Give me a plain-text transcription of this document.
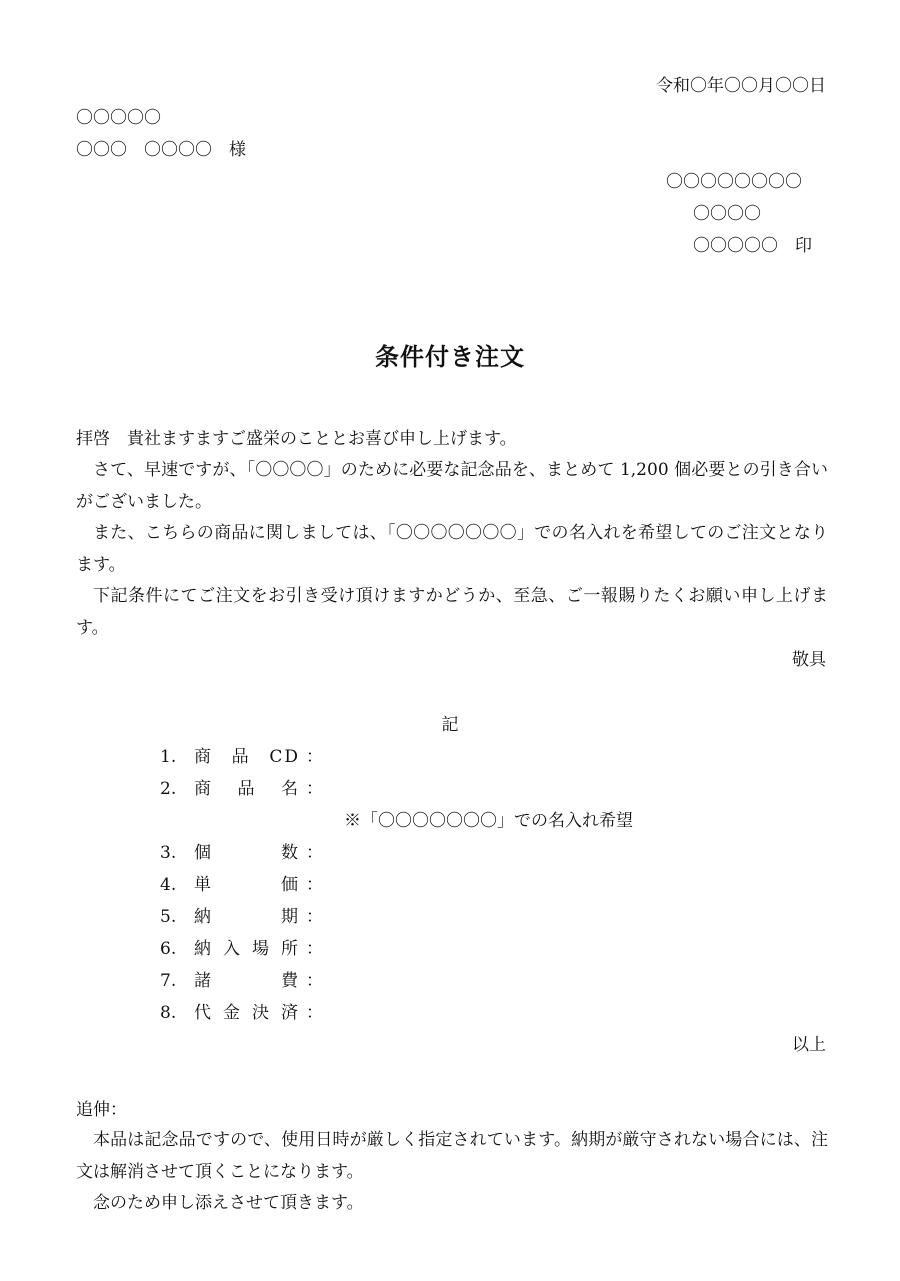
令和〇年〇〇月〇〇日
〇〇〇〇〇
〇〇〇　〇〇〇〇　様
〇〇〇〇〇〇〇〇
〇〇〇〇
〇〇〇〇〇　印
条件付き注文
拝啓　貴社ますますご盛栄のこととお喜び申し上げます。
さて、早速ですが、「〇〇〇〇」のために必要な記念品を、まとめて 1,200 個必要との引き合いがございました。
また、こちらの商品に関しましては、「〇〇〇〇〇〇〇」での名入れを希望してのご注文となります。
下記条件にてご注文をお引き受け頂けますかどうか、至急、ご一報賜りたくお願い申し上げます。
敬具
記
1. 商品CD ：
2. 商品名 ：
※「〇〇〇〇〇〇〇」での名入れ希望
3. 個数 ：
4. 単価 ：
5. 納期 ：
6. 納入場所 ：
7. 諸費 ：
8. 代金決済 ：
以上
追伸：
本品は記念品ですので、使用日時が厳しく指定されています。納期が厳守されない場合には、注文は解消させて頂くことになります。
念のため申し添えさせて頂きます。
